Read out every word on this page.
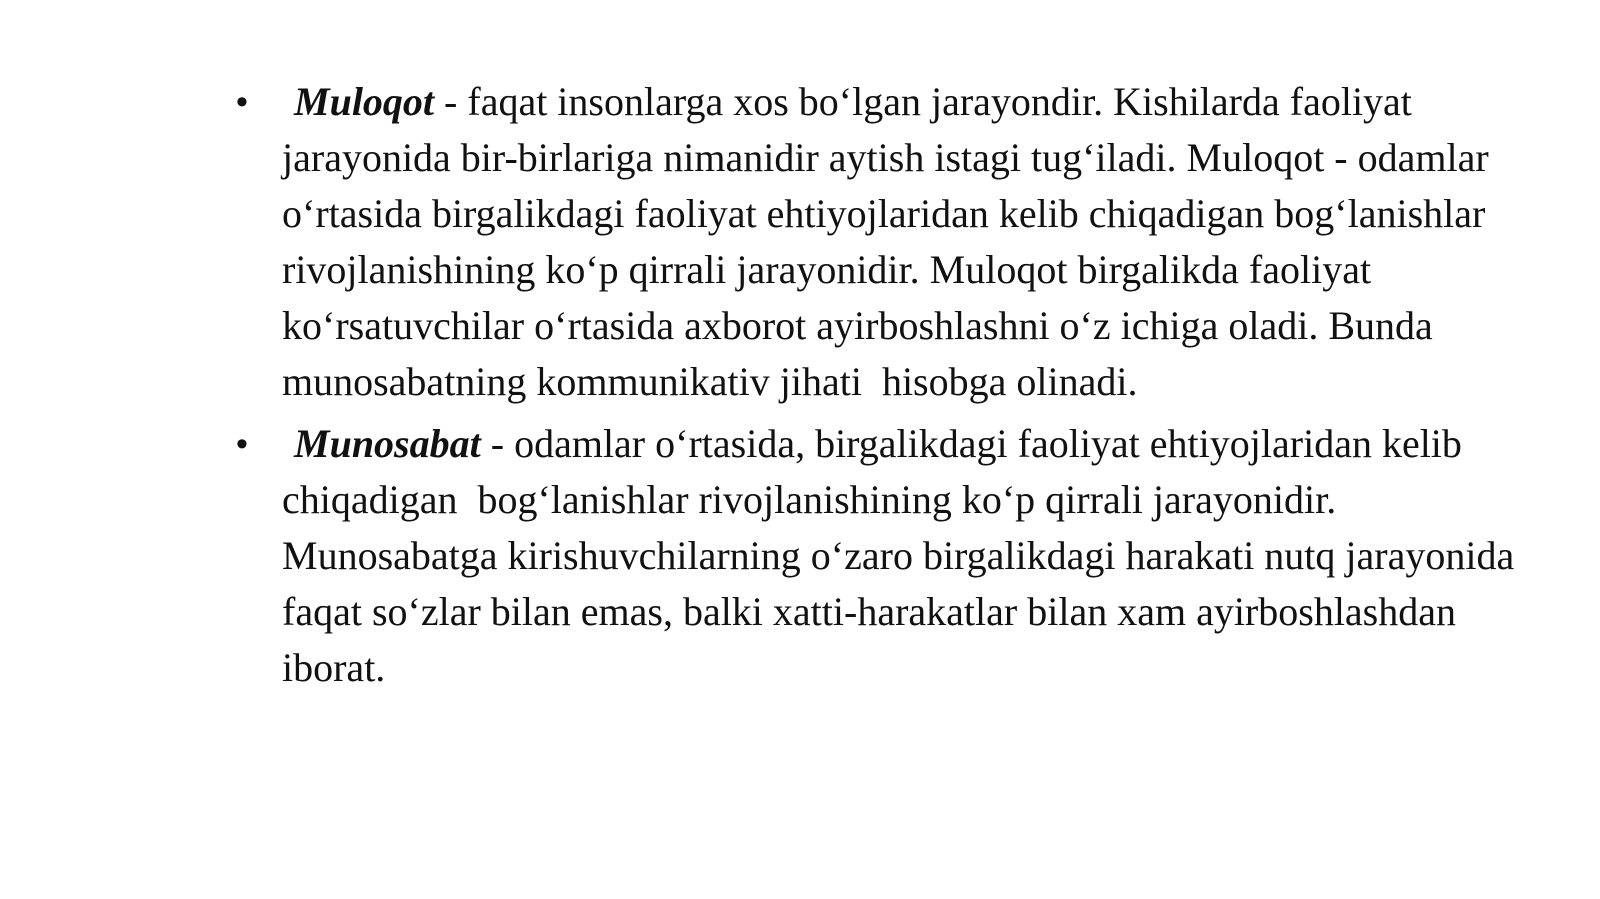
•	Muloqot - faqat insonlarga xos bo‘lgan jarayondir. Kishilarda faoliyat jarayonida bir-birlariga nimanidir aytish istagi tug‘iladi. Muloqot - odamlar o‘rtasida birgalikdagi faoliyat ehtiyojlaridan kelib chiqadigan bog‘lanishlar rivojlanishining ko‘p qirrali jarayonidir. Muloqot birgalikda faoliyat ko‘rsatuvchilar o‘rtasida axborot ayirboshlashni o‘z ichiga oladi. Bunda munosabatning kommunikativ jihati  hisobga olinadi.
•	Munosabat - odamlar o‘rtasida, birgalikdagi faoliyat ehtiyojlaridan kelib chiqadigan  bog‘lanishlar rivojlanishining ko‘p qirrali jarayonidir. Munosabatga kirishuvchilarning o‘zaro birgalikdagi harakati nutq jarayonida faqat so‘zlar bilan emas, balki xatti-harakatlar bilan xam ayirboshlashdan iborat.
